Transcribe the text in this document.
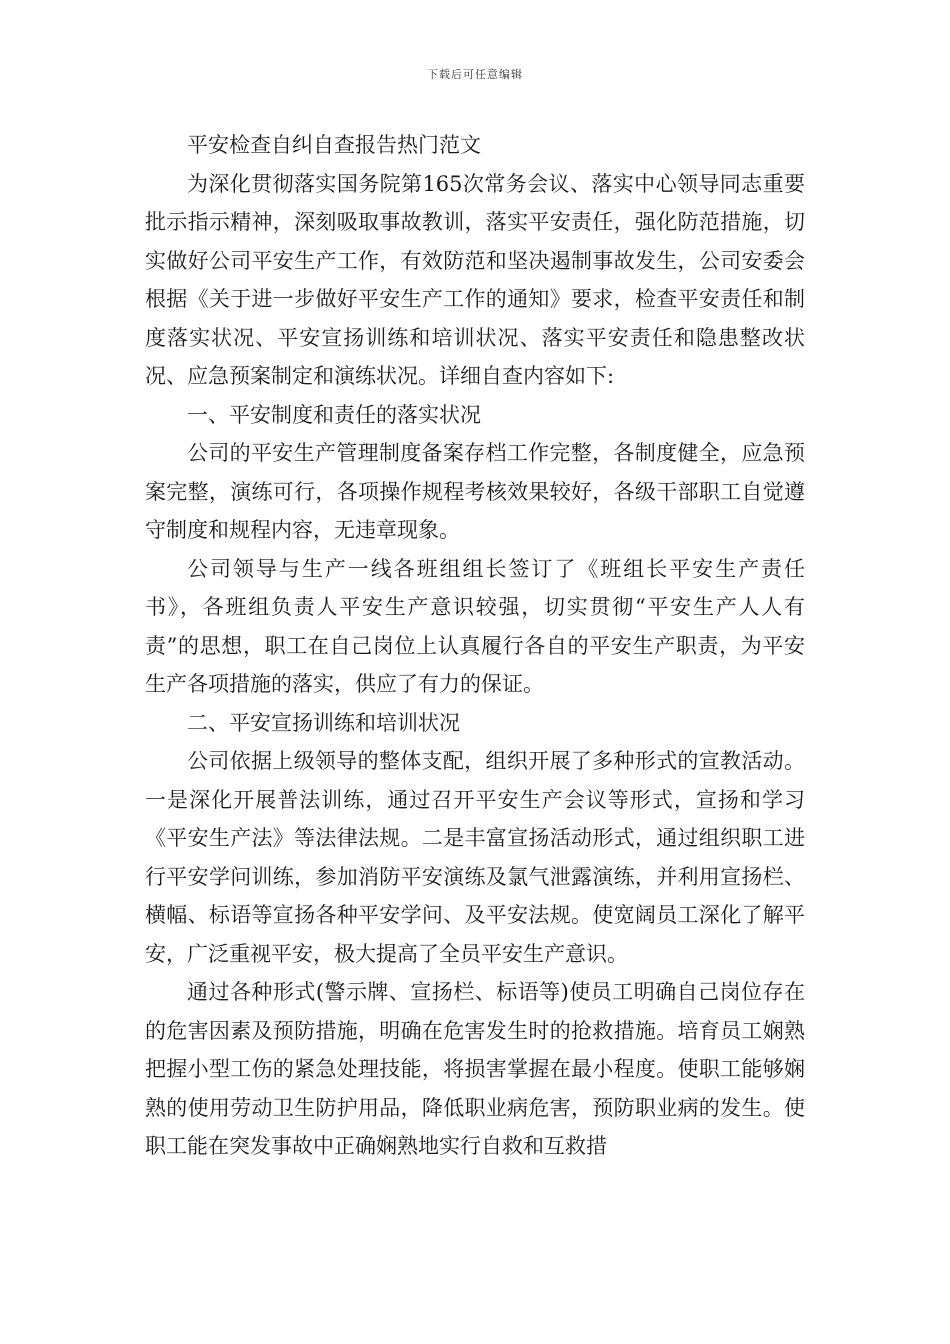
下载后可任意编辑

平安检查自纠自查报告热门范文

为深化贯彻落实国务院第165次常务会议、落实中心领导同志重要批示指示精神，深刻吸取事故教训，落实平安责任，强化防范措施，切实做好公司平安生产工作，有效防范和坚决遏制事故发生，公司安委会根据《关于进一步做好平安生产工作的通知》要求，检查平安责任和制度落实状况、平安宣扬训练和培训状况、落实平安责任和隐患整改状况、应急预案制定和演练状况。详细自查内容如下:

一、平安制度和责任的落实状况

公司的平安生产管理制度备案存档工作完整，各制度健全，应急预案完整，演练可行，各项操作规程考核效果较好，各级干部职工自觉遵守制度和规程内容，无违章现象。

公司领导与生产一线各班组组长签订了《班组长平安生产责任书》，各班组负责人平安生产意识较强，切实贯彻“平安生产人人有责”的思想，职工在自己岗位上认真履行各自的平安生产职责，为平安生产各项措施的落实，供应了有力的保证。

二、平安宣扬训练和培训状况

公司依据上级领导的整体支配，组织开展了多种形式的宣教活动。一是深化开展普法训练，通过召开平安生产会议等形式，宣扬和学习《平安生产法》等法律法规。二是丰富宣扬活动形式，通过组织职工进行平安学问训练，参加消防平安演练及氯气泄露演练，并利用宣扬栏、横幅、标语等宣扬各种平安学问、及平安法规。使宽阔员工深化了解平安，广泛重视平安，极大提高了全员平安生产意识。

通过各种形式(警示牌、宣扬栏、标语等)使员工明确自己岗位存在的危害因素及预防措施，明确在危害发生时的抢救措施。培育员工娴熟把握小型工伤的紧急处理技能，将损害掌握在最小程度。使职工能够娴熟的使用劳动卫生防护用品，降低职业病危害，预防职业病的发生。使职工能在突发事故中正确娴熟地实行自救和互救措
